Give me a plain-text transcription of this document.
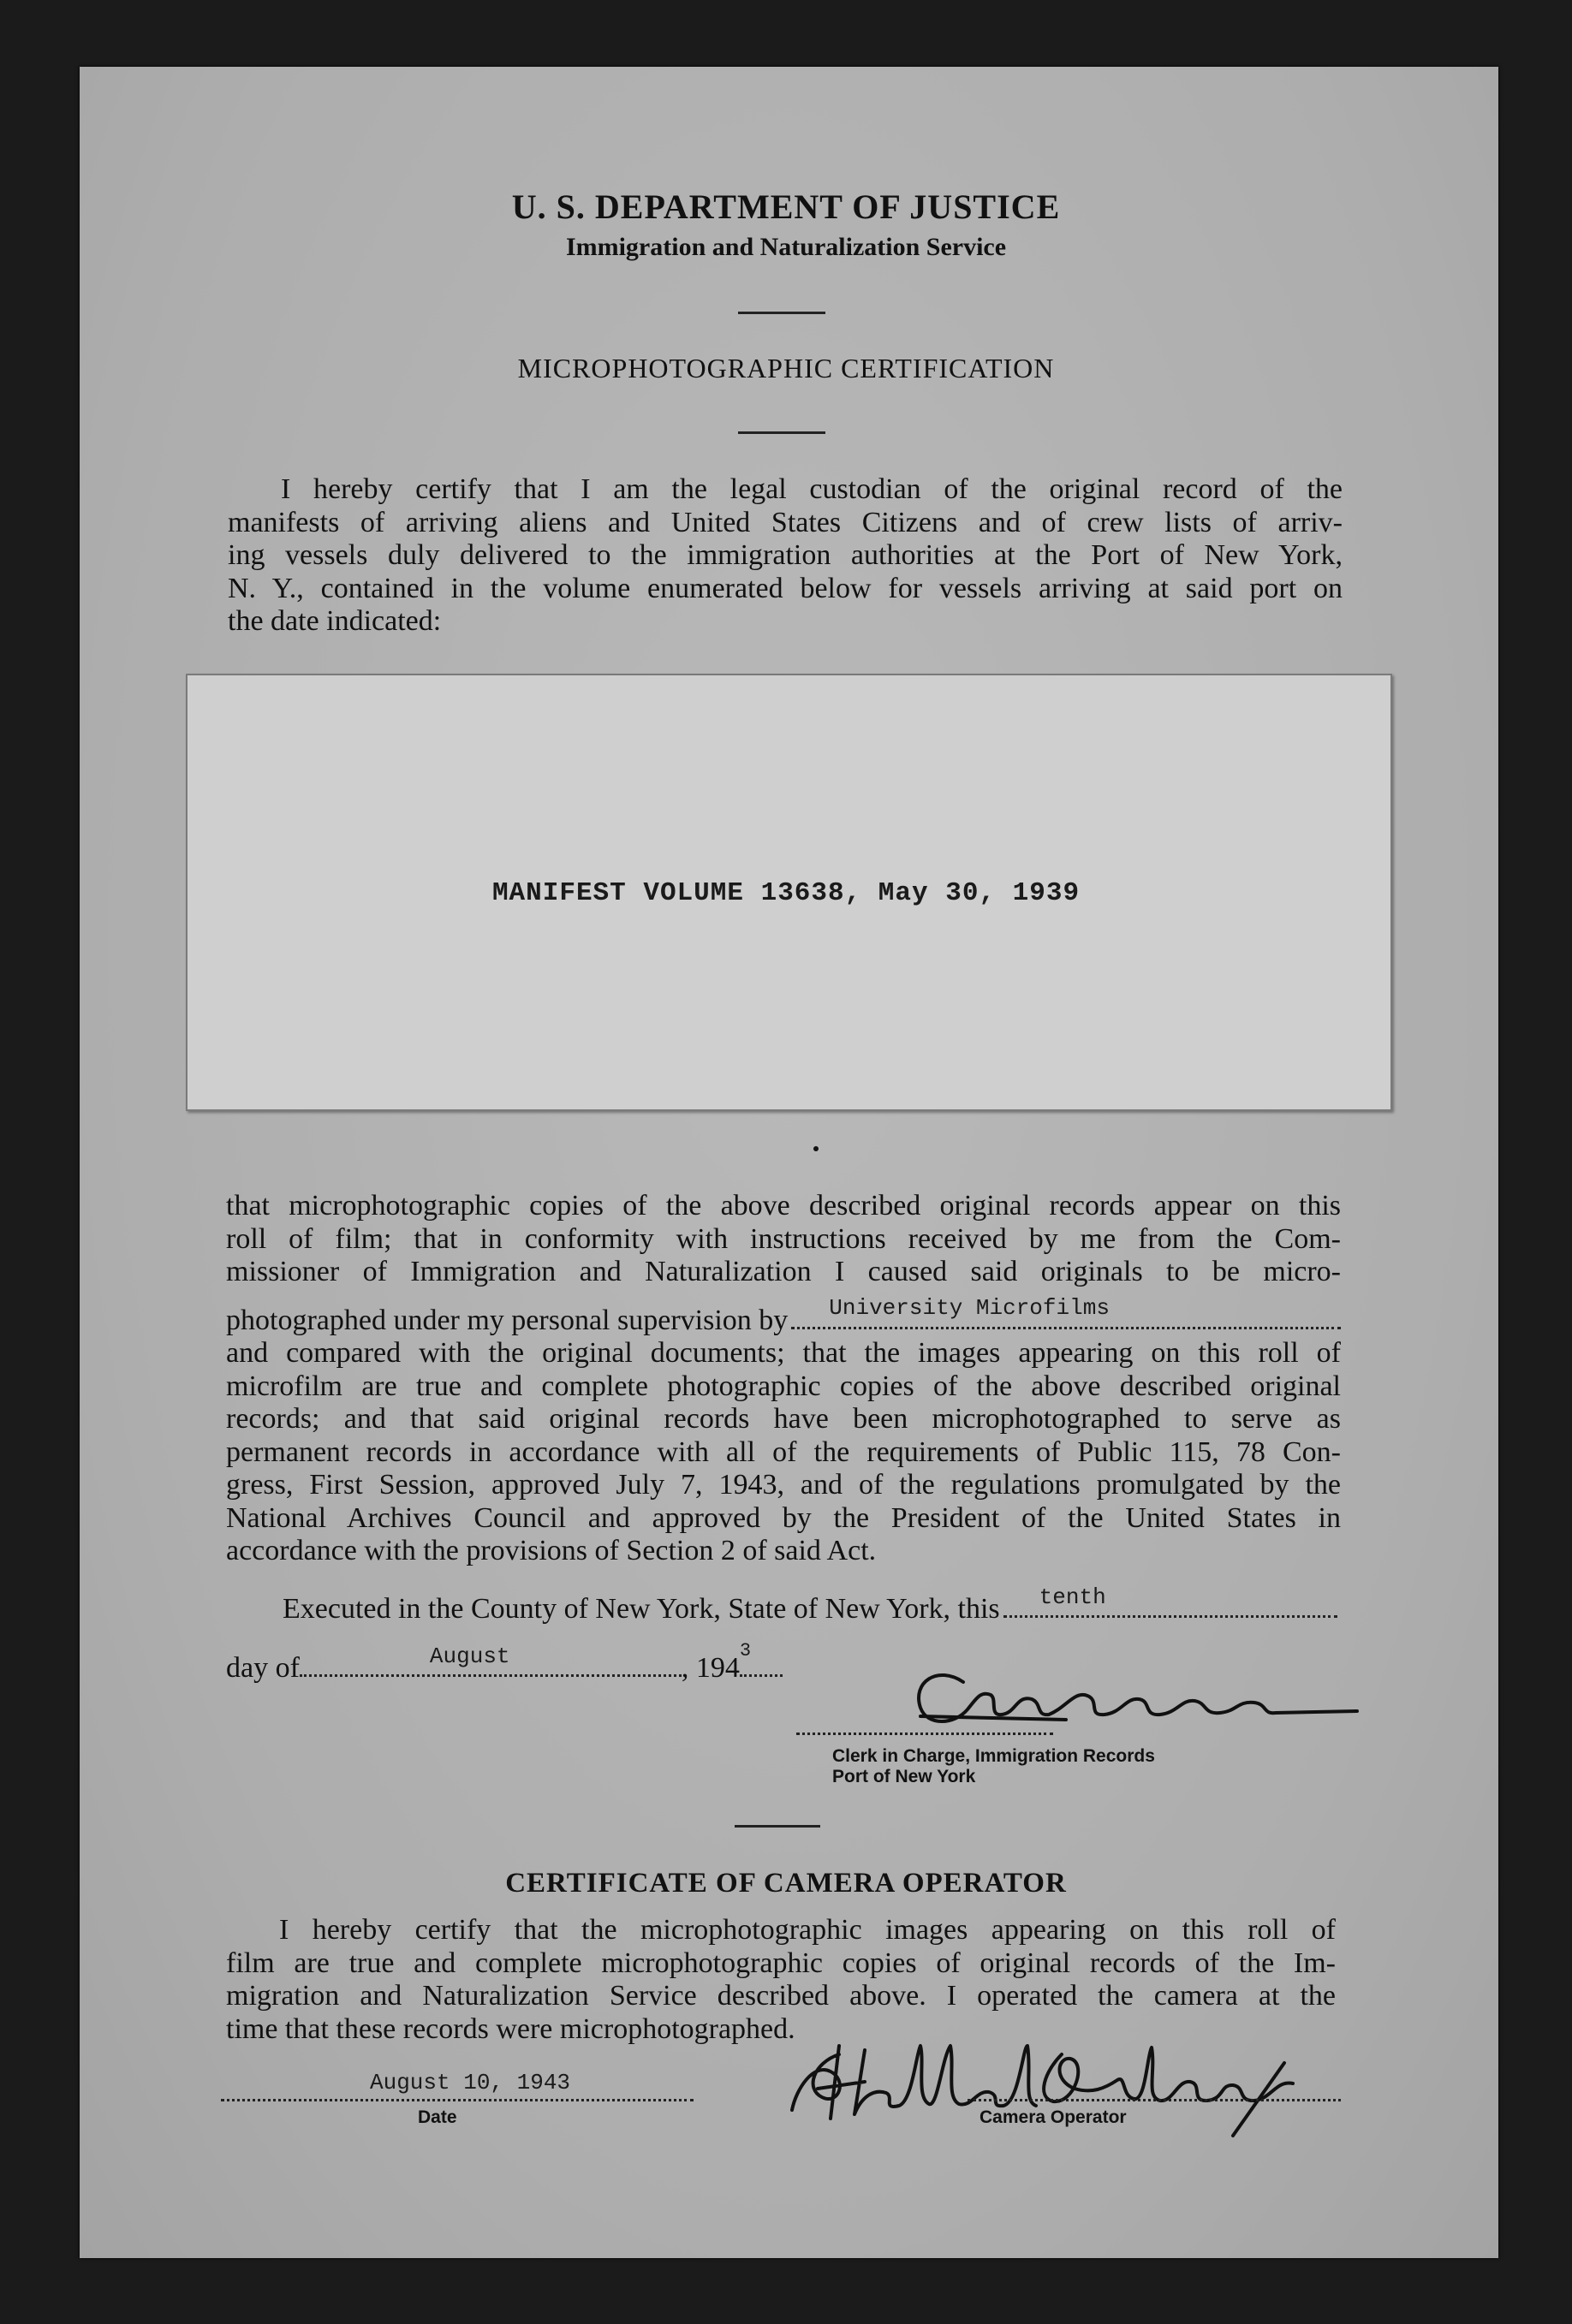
U. S. DEPARTMENT OF JUSTICE
Immigration and Naturalization Service
MICROPHOTOGRAPHIC CERTIFICATION

I hereby certify that I am the legal custodian of the original record of the

manifests of arriving aliens and United States Citizens and of crew lists of arriv-

ing vessels duly delivered to the immigration authorities at the Port of New York,

N. Y., contained in the volume enumerated below for vessels arriving at said port on

the date indicated:

MANIFEST VOLUME 13638, May 30, 1939

that microphotographic copies of the above described original records appear on this

roll of film; that in conformity with instructions received by me from the Com-

missioner of Immigration and Naturalization I caused said originals to be micro-

photographed under my personal supervision by University Microfilms

and compared with the original documents; that the images appearing on this roll of

microfilm are true and complete photographic copies of the above described original

records; and that said original records have been microphotographed to serve as

permanent records in accordance with all of the requirements of Public 115, 78 Con-

gress, First Session, approved July 7, 1943, and of the regulations promulgated by the

National Archives Council and approved by the President of the United States in

accordance with the provisions of Section 2 of said Act.

Executed in the County of New York, State of New York, this tenth
day of	August	, 194
3
Clerk in Charge, Immigration Records
Port of New York
CERTIFICATE OF CAMERA OPERATOR

I hereby certify that the microphotographic images appearing on this roll of

film are true and complete microphotographic copies of original records of the Im-

migration and Naturalization Service described above. I operated the camera at the

time that these records were microphotographed.

August 10, 1943
Date	Camera Operator
